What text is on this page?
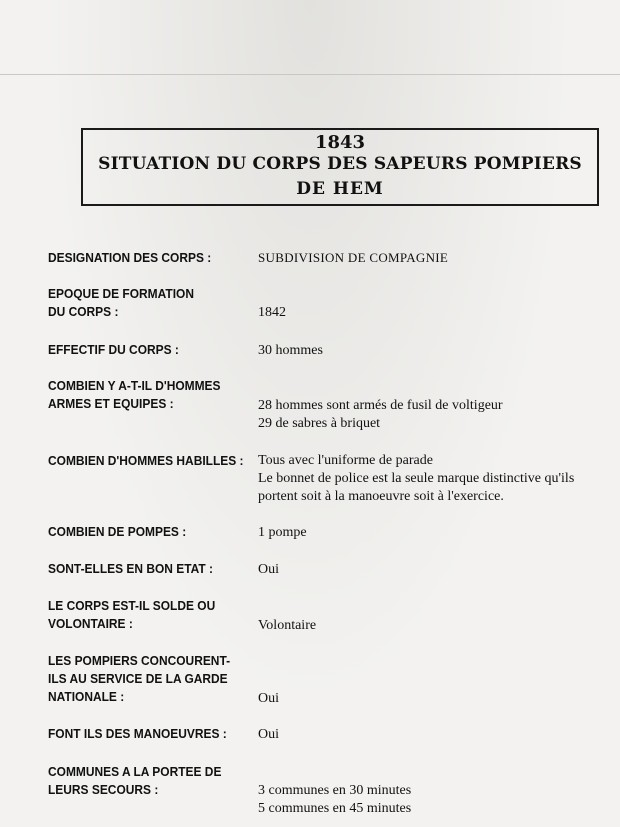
1843
SITUATION DU CORPS DES SAPEURS POMPIERS
DE HEM
DESIGNATION DES CORPS :	SUBDIVISION DE COMPAGNIE
EPOQUE DE FORMATION
DU CORPS :	1842
EFFECTIF DU CORPS :	30 hommes
COMBIEN Y A-T-IL D'HOMMES
ARMES ET EQUIPES :	28 hommes sont armés de fusil de voltigeur
29 de sabres à briquet
COMBIEN D'HOMMES HABILLES : Tous avec l'uniforme de parade
Le bonnet de police est la seule marque distinctive qu'ils
portent soit à la manoeuvre soit à l'exercice.
COMBIEN DE POMPES :	1 pompe
SONT-ELLES EN BON ETAT :	Oui
LE CORPS EST-IL SOLDE OU
VOLONTAIRE :	Volontaire
LES POMPIERS CONCOURENT-
ILS AU SERVICE DE LA GARDE
NATIONALE :	Oui
FONT ILS DES MANOEUVRES : Oui
COMMUNES A LA PORTEE DE
LEURS SECOURS :	3 communes en 30 minutes
5 communes en 45 minutes
